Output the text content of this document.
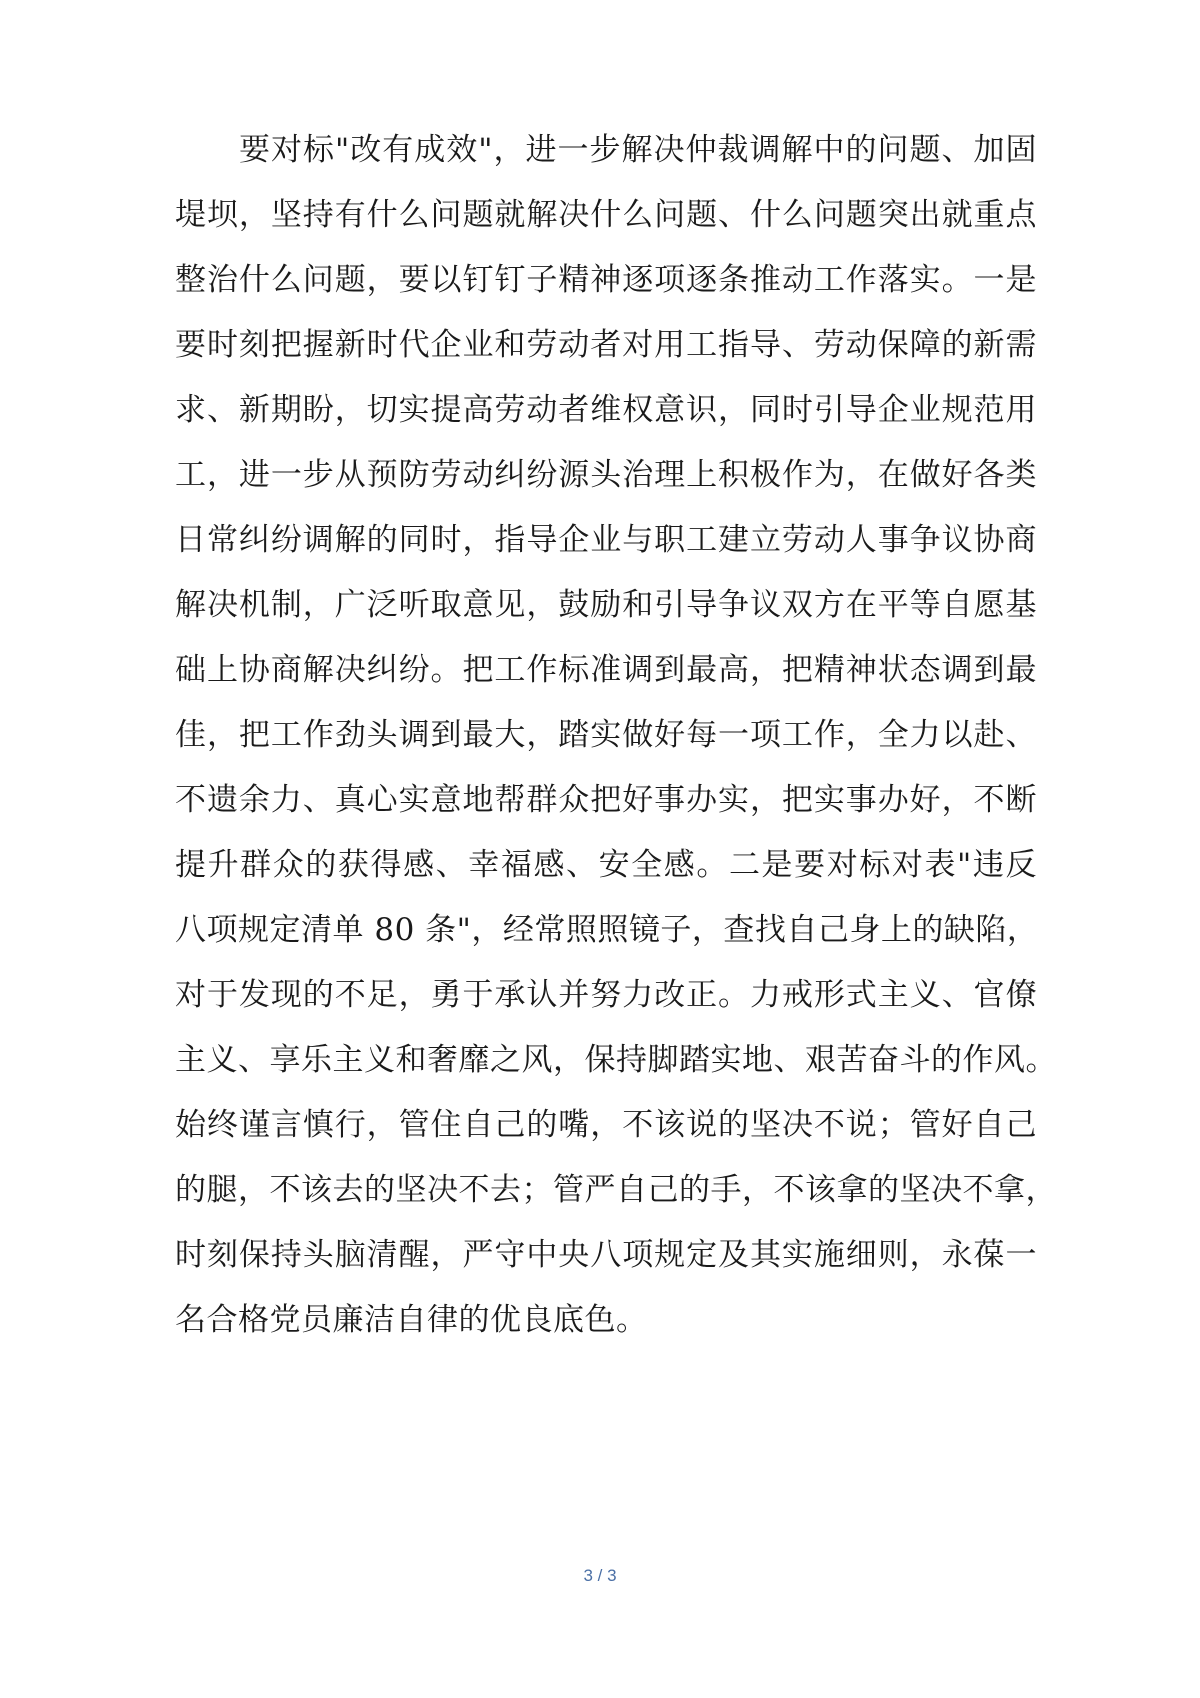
要对标"改有成效"，进一步解决仲裁调解中的问题、加固
堤坝，坚持有什么问题就解决什么问题、什么问题突出就重点
整治什么问题，要以钉钉子精神逐项逐条推动工作落实。一是
要时刻把握新时代企业和劳动者对用工指导、劳动保障的新需
求、新期盼，切实提高劳动者维权意识，同时引导企业规范用
工，进一步从预防劳动纠纷源头治理上积极作为，在做好各类
日常纠纷调解的同时，指导企业与职工建立劳动人事争议协商
解决机制，广泛听取意见，鼓励和引导争议双方在平等自愿基
础上协商解决纠纷。把工作标准调到最高，把精神状态调到最
佳，把工作劲头调到最大，踏实做好每一项工作，全力以赴、
不遗余力、真心实意地帮群众把好事办实，把实事办好，不断
提升群众的获得感、幸福感、安全感。二是要对标对表"违反
八项规定清单 80 条"，经常照照镜子，查找自己身上的缺陷，
对于发现的不足，勇于承认并努力改正。力戒形式主义、官僚
主义、享乐主义和奢靡之风，保持脚踏实地、艰苦奋斗的作风。
始终谨言慎行，管住自己的嘴，不该说的坚决不说；管好自己
的腿，不该去的坚决不去；管严自己的手，不该拿的坚决不拿，
时刻保持头脑清醒，严守中央八项规定及其实施细则，永葆一
名合格党员廉洁自律的优良底色。
3 / 3
